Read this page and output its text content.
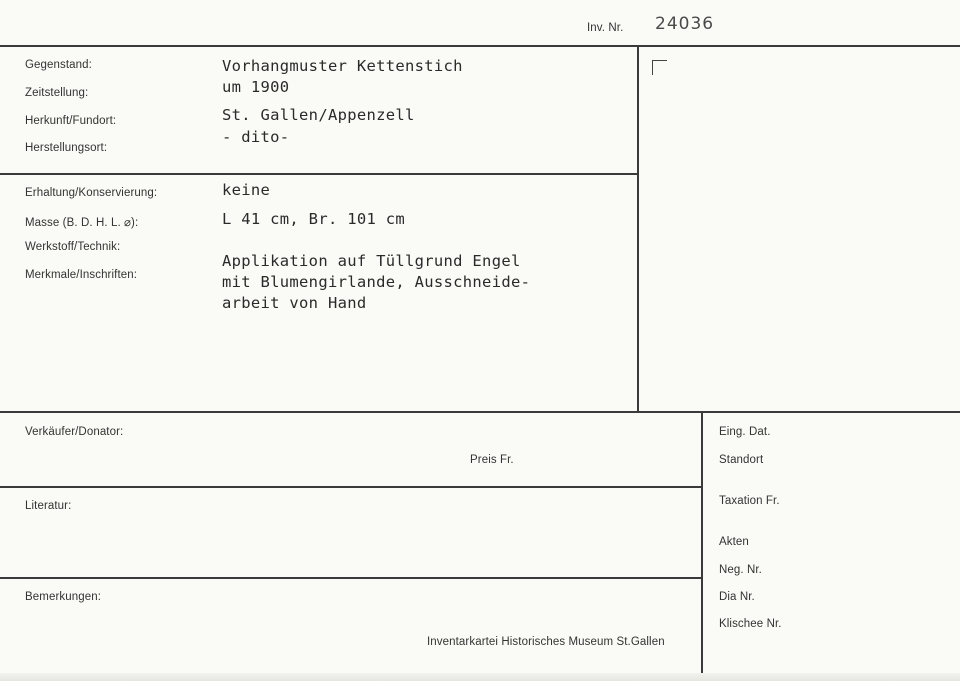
Inv. Nr. 24036
Gegenstand:
Zeitstellung:
Herkunft/Fundort:
Herstellungsort:
Vorhangmuster Kettenstich
um 1900
St. Gallen/Appenzell
- dito-
Erhaltung/Konservierung:
Masse (B. D. H. L. ⌀):
Werkstoff/Technik:
Merkmale/Inschriften:
keine
L 41 cm, Br. 101 cm
Applikation auf Tüllgrund Engel
mit Blumengirlande, Ausschneide-
arbeit von Hand
Verkäufer/Donator:
Preis Fr.
Literatur:
Bemerkungen:
Inventarkartei Historisches Museum St.Gallen
Eing. Dat.
Standort
Taxation Fr.
Akten
Neg. Nr.
Dia Nr.
Klischee Nr.
